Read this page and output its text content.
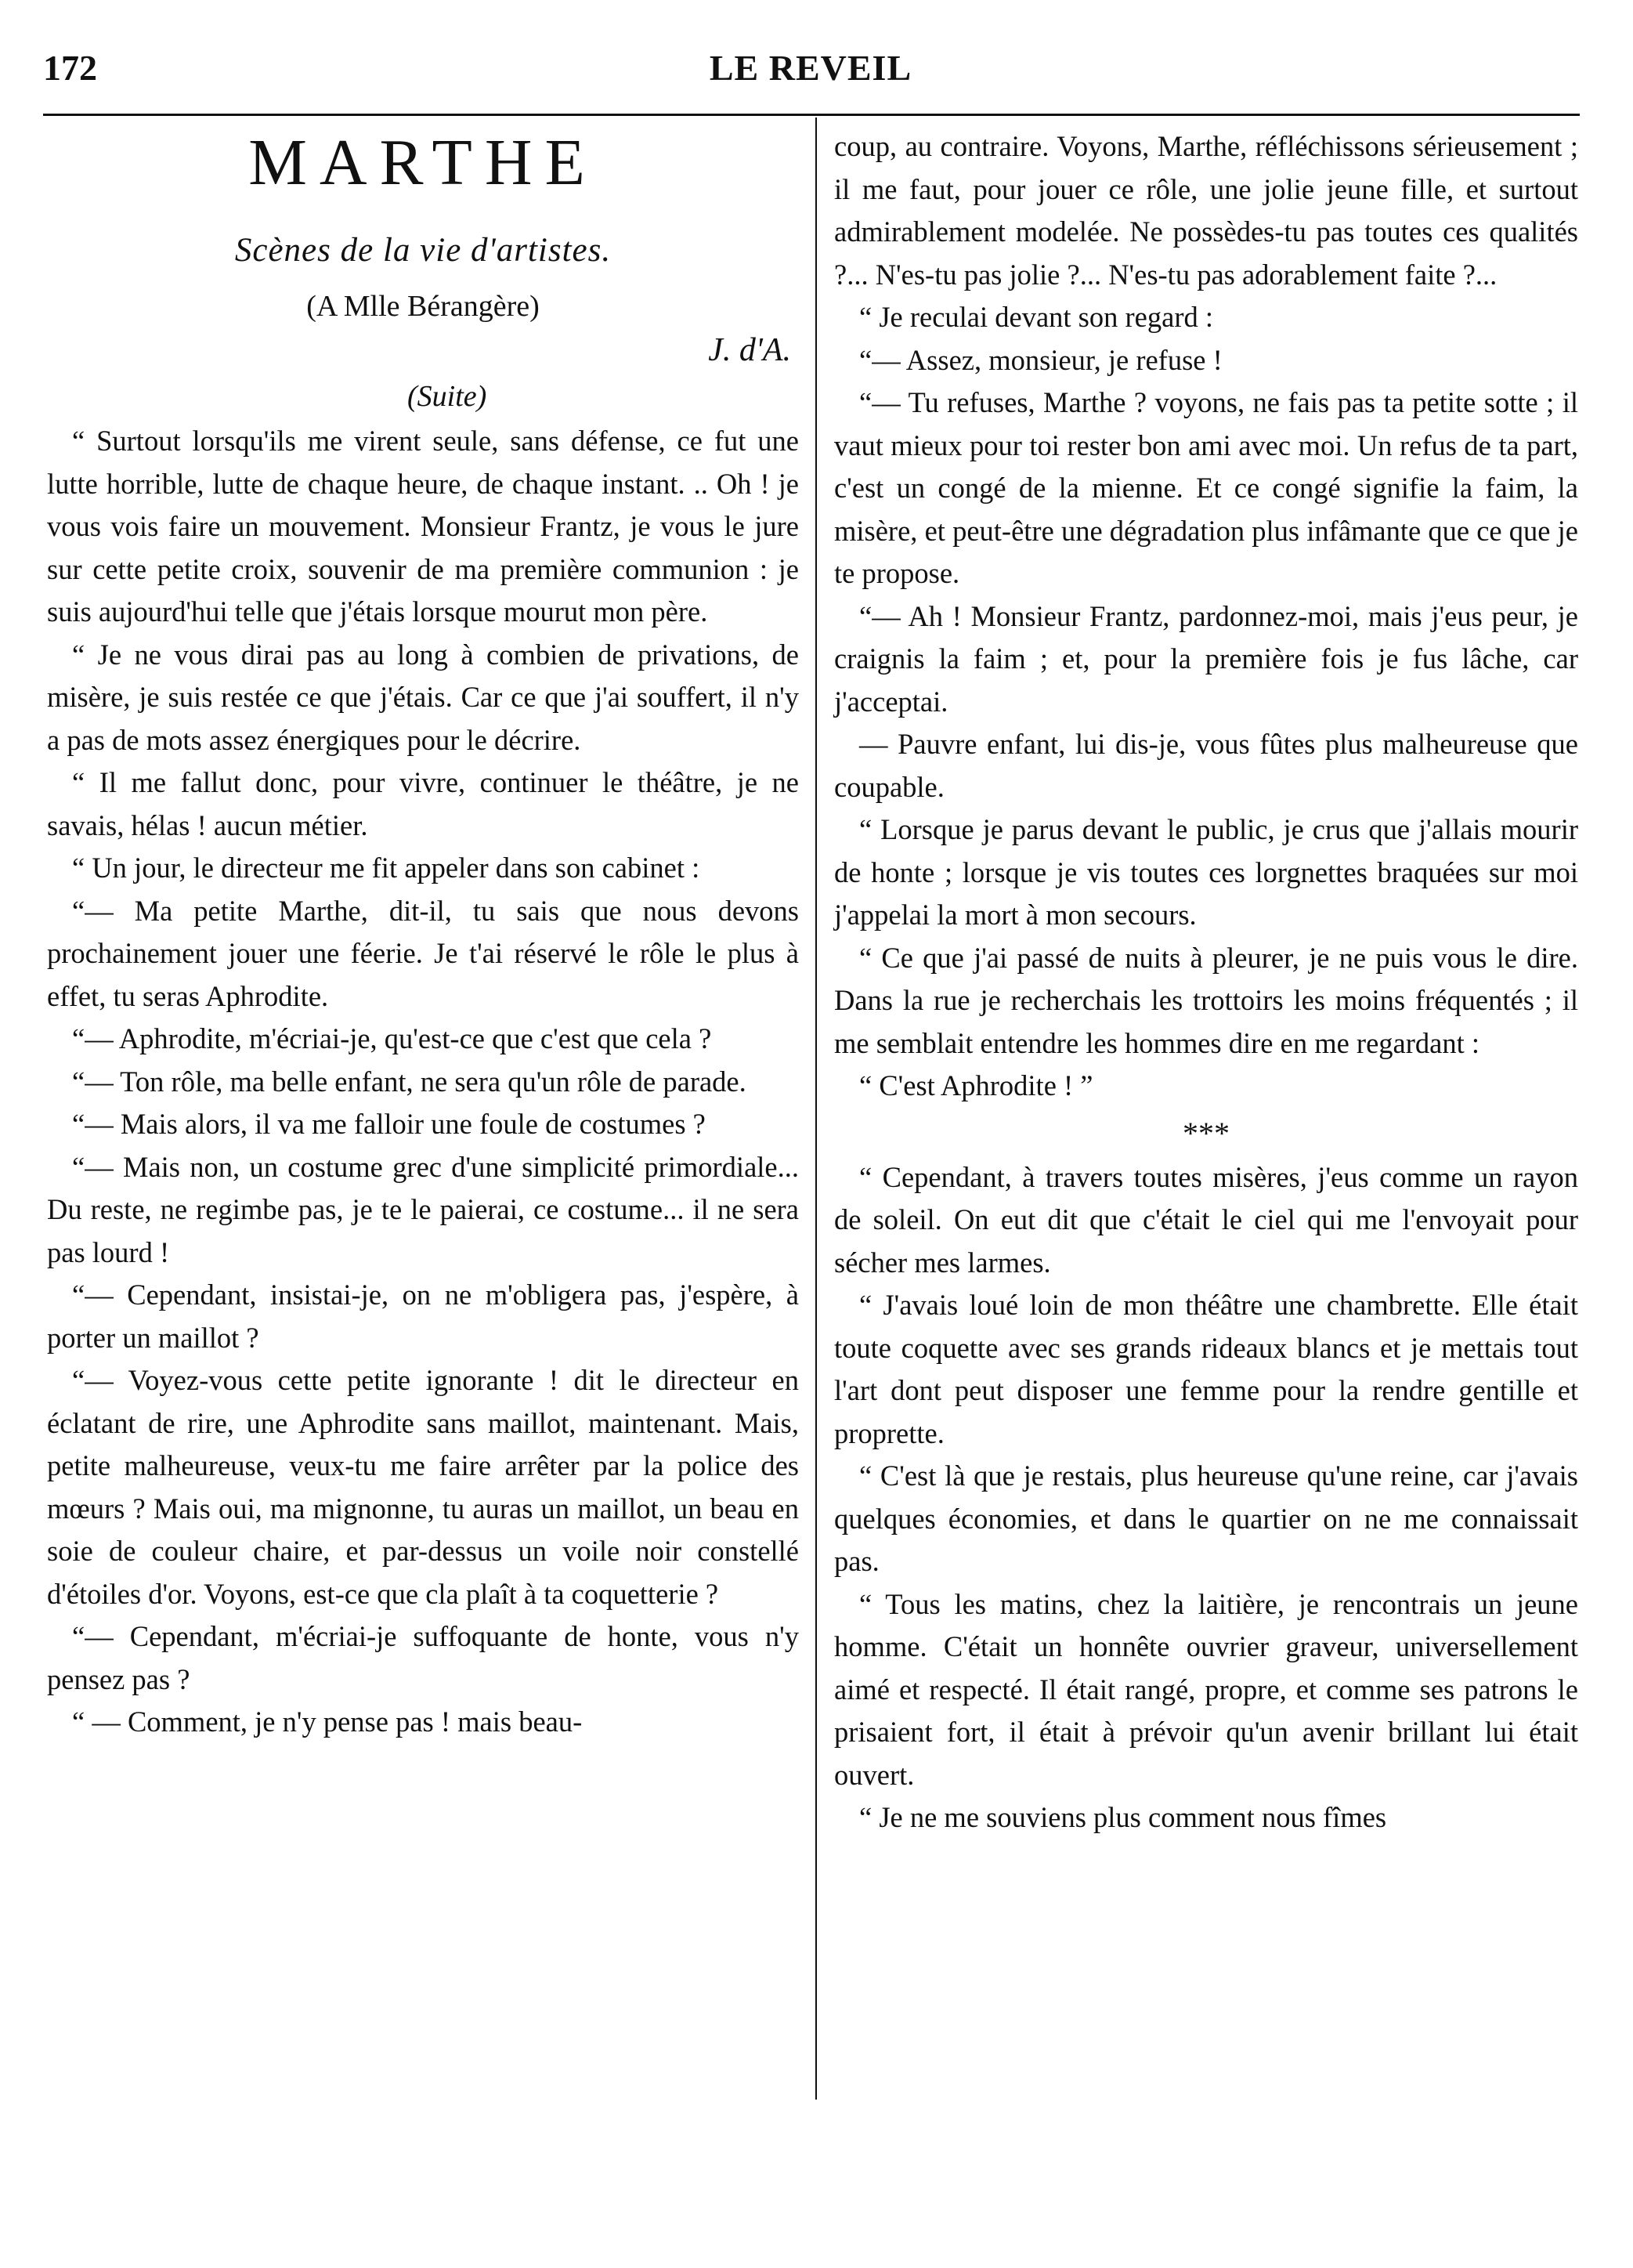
172	LE REVEIL
MARTHE
Scènes de la vie d'artistes.
(A Mlle Bérangère)
J. d'A.
(Suite)

“ Surtout lorsqu'ils me virent seule, sans défense, ce fut une lutte horrible, lutte de chaque heure, de chaque instant. .. Oh ! je vous vois faire un mouvement. Monsieur Frantz, je vous le jure sur cette petite croix, souvenir de ma première communion : je suis aujourd'hui telle que j'étais lorsque mourut mon père.

“ Je ne vous dirai pas au long à combien de privations, de misère, je suis restée ce que j'étais. Car ce que j'ai souffert, il n'y a pas de mots assez énergiques pour le décrire.

“ Il me fallut donc, pour vivre, continuer le théâtre, je ne savais, hélas ! aucun métier.

“ Un jour, le directeur me fit appeler dans son cabinet :

“— Ma petite Marthe, dit-il, tu sais que nous devons prochainement jouer une féerie. Je t'ai réservé le rôle le plus à effet, tu seras Aphrodite.

“— Aphrodite, m'écriai-je, qu'est-ce que c'est que cela ?

“— Ton rôle, ma belle enfant, ne sera qu'un rôle de parade.

“— Mais alors, il va me falloir une foule de costumes ?

“— Mais non, un costume grec d'une simplicité primordiale... Du reste, ne regimbe pas, je te le paierai, ce costume... il ne sera pas lourd !

“— Cependant, insistai-je, on ne m'obligera pas, j'espère, à porter un maillot ?

“— Voyez-vous cette petite ignorante ! dit le directeur en éclatant de rire, une Aphrodite sans maillot, maintenant. Mais, petite malheureuse, veux-tu me faire arrêter par la police des mœurs ? Mais oui, ma mignonne, tu auras un maillot, un beau en soie de couleur chaire, et par-dessus un voile noir constellé d'étoiles d'or. Voyons, est-ce que cla plaît à ta coquetterie ?

“— Cependant, m'écriai-je suffoquante de honte, vous n'y pensez pas ?

“ — Comment, je n'y pense pas ! mais beau-

coup, au contraire. Voyons, Marthe, réfléchissons sérieusement ; il me faut, pour jouer ce rôle, une jolie jeune fille, et surtout admirablement modelée. Ne possèdes-tu pas toutes ces qualités ?... N'es-tu pas jolie ?... N'es-tu pas adorablement faite ?...

“ Je reculai devant son regard :

“— Assez, monsieur, je refuse !

“— Tu refuses, Marthe ? voyons, ne fais pas ta petite sotte ; il vaut mieux pour toi rester bon ami avec moi. Un refus de ta part, c'est un congé de la mienne. Et ce congé signifie la faim, la misère, et peut-être une dégradation plus infâmante que ce que je te propose.

“— Ah ! Monsieur Frantz, pardonnez-moi, mais j'eus peur, je craignis la faim ; et, pour la première fois je fus lâche, car j'acceptai.

— Pauvre enfant, lui dis-je, vous fûtes plus malheureuse que coupable.

“ Lorsque je parus devant le public, je crus que j'allais mourir de honte ; lorsque je vis toutes ces lorgnettes braquées sur moi j'appelai la mort à mon secours.

“ Ce que j'ai passé de nuits à pleurer, je ne puis vous le dire. Dans la rue je recherchais les trottoirs les moins fréquentés ; il me semblait entendre les hommes dire en me regardant :

“ C'est Aphrodite ! ”

***

“ Cependant, à travers toutes misères, j'eus comme un rayon de soleil. On eut dit que c'était le ciel qui me l'envoyait pour sécher mes larmes.

“ J'avais loué loin de mon théâtre une chambrette. Elle était toute coquette avec ses grands rideaux blancs et je mettais tout l'art dont peut disposer une femme pour la rendre gentille et proprette.

“ C'est là que je restais, plus heureuse qu'une reine, car j'avais quelques économies, et dans le quartier on ne me connaissait pas.

“ Tous les matins, chez la laitière, je rencontrais un jeune homme. C'était un honnête ouvrier graveur, universellement aimé et respecté. Il était rangé, propre, et comme ses patrons le prisaient fort, il était à prévoir qu'un avenir brillant lui était ouvert.

“ Je ne me souviens plus comment nous fîmes
